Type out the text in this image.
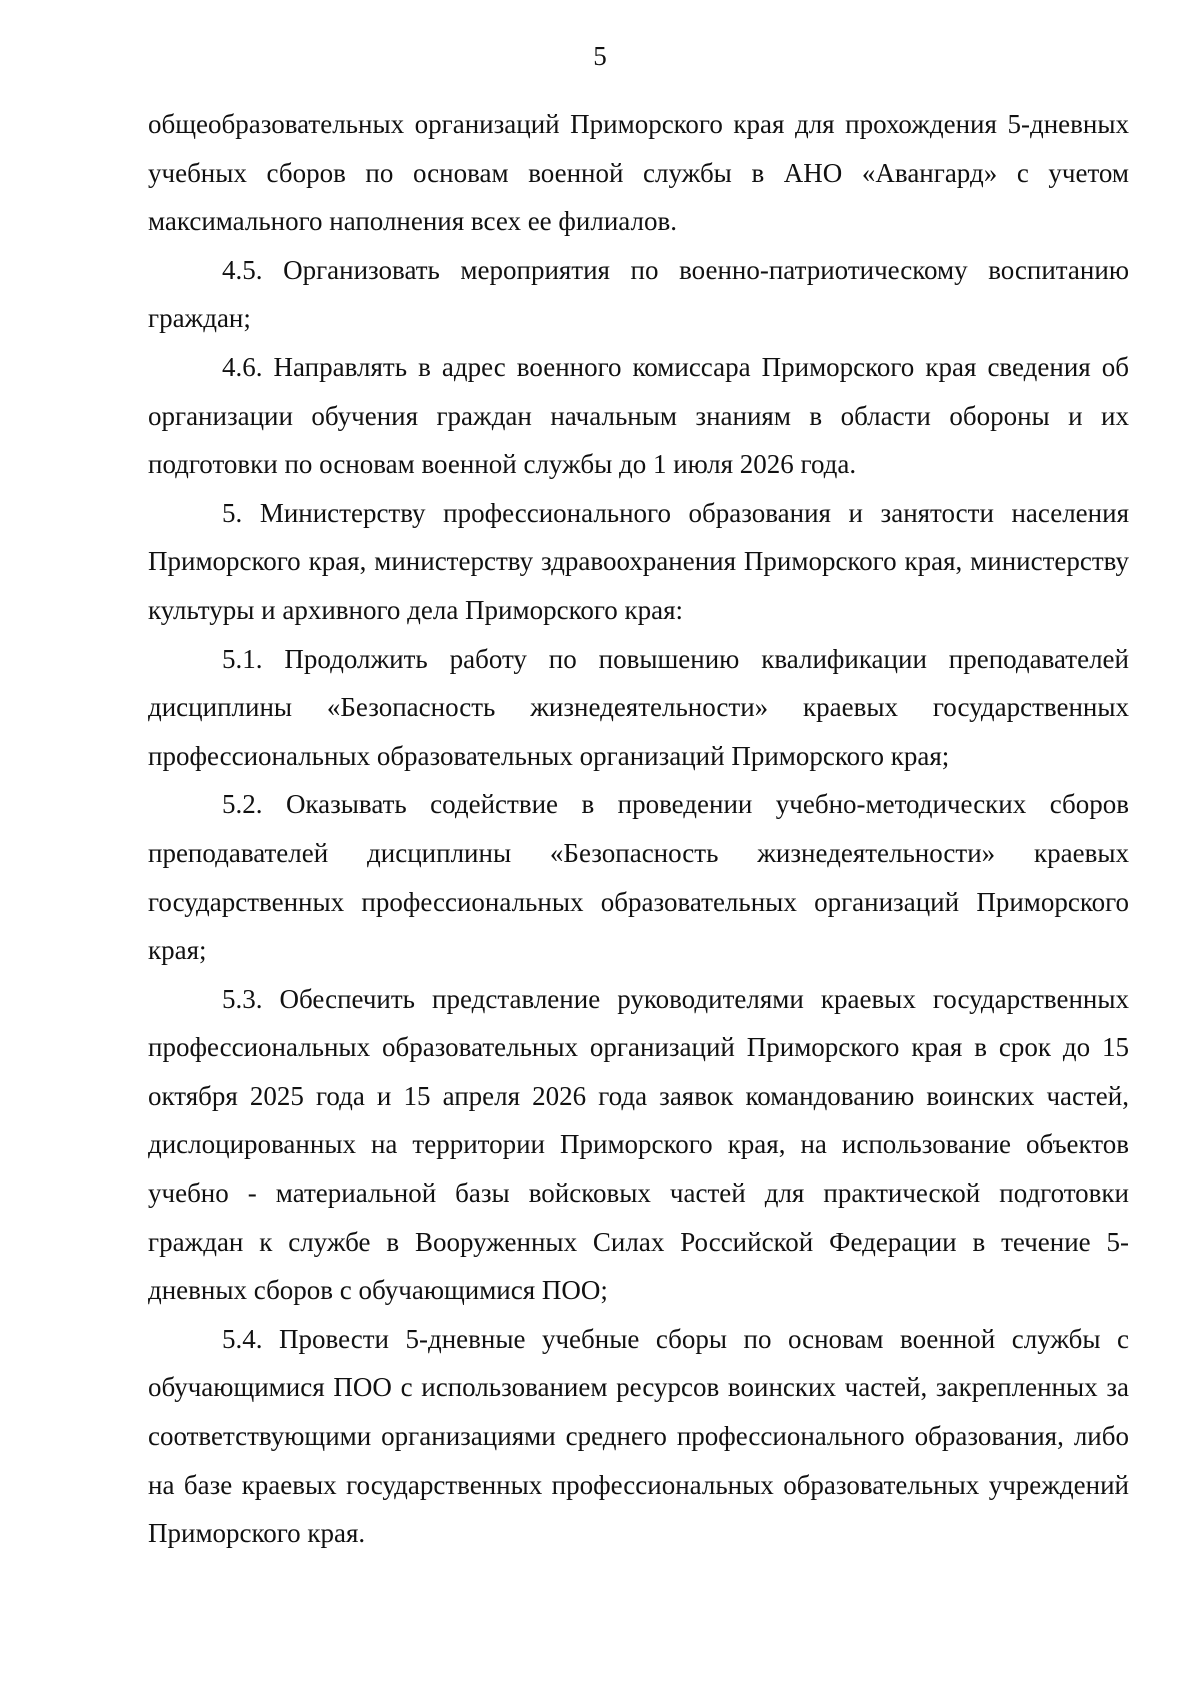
5

общеобразовательных организаций Приморского края для прохождения 5-дневных учебных сборов по основам военной службы в АНО «Авангард» с учетом максимального наполнения всех ее филиалов.

4.5. Организовать мероприятия по военно-патриотическому воспитанию граждан;

4.6. Направлять в адрес военного комиссара Приморского края сведения об организации обучения граждан начальным знаниям в области обороны и их подготовки по основам военной службы до 1 июля 2026 года.

5. Министерству профессионального образования и занятости населения Приморского края, министерству здравоохранения Приморского края, министерству культуры и архивного дела Приморского края:

5.1. Продолжить работу по повышению квалификации преподавателей дисциплины «Безопасность жизнедеятельности» краевых государственных профессиональных образовательных организаций Приморского края;

5.2. Оказывать содействие в проведении учебно-методических сборов преподавателей дисциплины «Безопасность жизнедеятельности» краевых государственных профессиональных образовательных организаций Приморского края;

5.3. Обеспечить представление руководителями краевых государственных профессиональных образовательных организаций Приморского края в срок до 15 октября 2025 года и 15 апреля 2026 года заявок командованию воинских частей, дислоцированных на территории Приморского края, на использование объектов учебно - материальной базы войсковых частей для практической подготовки граждан к службе в Вооруженных Силах Российской Федерации в течение 5-дневных сборов с обучающимися ПОО;

5.4. Провести 5-дневные учебные сборы по основам военной службы с обучающимися ПОО с использованием ресурсов воинских частей, закрепленных за соответствующими организациями среднего профессионального образования, либо на базе краевых государственных профессиональных образовательных учреждений Приморского края.
